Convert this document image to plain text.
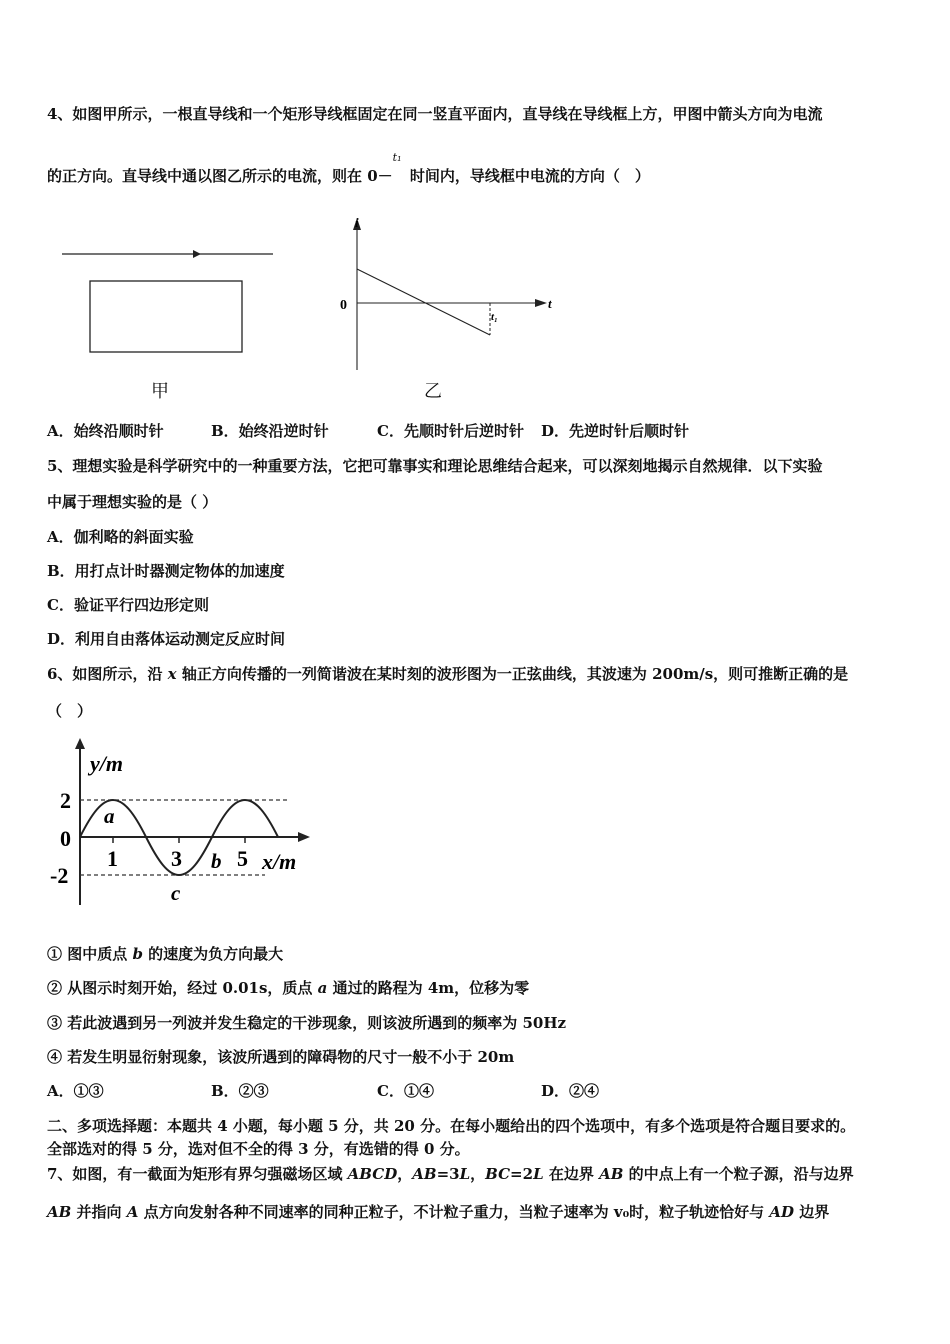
4、如图甲所示，一根直导线和一个矩形导线框固定在同一竖直平面内，直导线在导线框上方，甲图中箭头方向为电流
的正方向。直导线中通以图乙所示的电流，则在 0－
t₁
时间内，导线框中电流的方向（　）
甲
i
t
0
t₁
乙
A．始终沿顺时针	B．始终沿逆时针	C．先顺时针后逆时针 D．先逆时针后顺时针
5、理想实验是科学研究中的一种重要方法，它把可靠事实和理论思维结合起来，可以深刻地揭示自然规律．以下实验
中属于理想实验的是（ ）
A．伽利略的斜面实验
B．用打点计时器测定物体的加速度
C．验证平行四边形定则
D．利用自由落体运动测定反应时间
6、如图所示，沿 x 轴正方向传播的一列简谐波在某时刻的波形图为一正弦曲线，其波速为 200m/s，则可推断正确的是
（　）
y/m
x/m
2
0
-2
1 3	5
a
b
c
① 图中质点 b 的速度为负方向最大
② 从图示时刻开始，经过 0.01s，质点 a 通过的路程为 4m，位移为零
③ 若此波遇到另一列波并发生稳定的干涉现象，则该波所遇到的频率为 50Hz
④ 若发生明显衍射现象，该波所遇到的障碍物的尺寸一般不小于 20m
A．①③	B．②③	C．①④	D．②④
二、多项选择题：本题共 4 小题，每小题 5 分，共 20 分。在每小题给出的四个选项中，有多个选项是符合题目要求的。
全部选对的得 5 分，选对但不全的得 3 分，有选错的得 0 分。
7、如图，有一截面为矩形有界匀强磁场区域 ABCD，AB=3L，BC=2L 在边界 AB 的中点上有一个粒子源，沿与边界
AB 并指向 A 点方向发射各种不同速率的同种正粒子，不计粒子重力，当粒子速率为 v₀时，粒子轨迹恰好与 AD 边界
